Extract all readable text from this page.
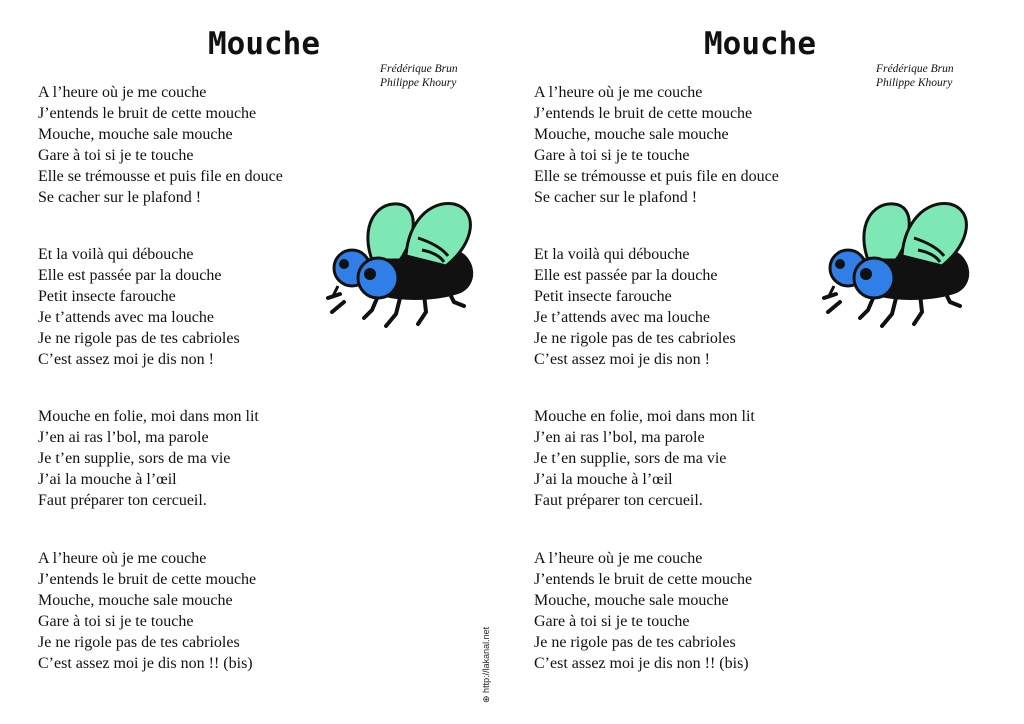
Mouche
Frédérique Brun
Philippe Khoury
A l’heure où je me couche
J’entends le bruit de cette mouche
Mouche, mouche sale mouche
Gare à toi si je te touche
Elle se trémousse et puis file en douce
Se cacher sur le plafond !
Et la voilà qui débouche
Elle est passée par la douche
Petit insecte farouche
Je t’attends avec ma louche
Je ne rigole pas de tes cabrioles
C’est assez moi je dis non !
Mouche en folie, moi dans mon lit
J’en ai ras l’bol, ma parole
Je t’en supplie, sors de ma vie
J’ai la mouche à l’œil
Faut préparer ton cercueil.
A l’heure où je me couche
J’entends le bruit de cette mouche
Mouche, mouche sale mouche
Gare à toi si je te touche
Je ne rigole pas de tes cabrioles
C’est assez moi je dis non !! (bis)
Mouche
Frédérique Brun
Philippe Khoury
A l’heure où je me couche
J’entends le bruit de cette mouche
Mouche, mouche sale mouche
Gare à toi si je te touche
Elle se trémousse et puis file en douce
Se cacher sur le plafond !
Et la voilà qui débouche
Elle est passée par la douche
Petit insecte farouche
Je t’attends avec ma louche
Je ne rigole pas de tes cabrioles
C’est assez moi je dis non !
Mouche en folie, moi dans mon lit
J’en ai ras l’bol, ma parole
Je t’en supplie, sors de ma vie
J’ai la mouche à l’œil
Faut préparer ton cercueil.
A l’heure où je me couche
J’entends le bruit de cette mouche
Mouche, mouche sale mouche
Gare à toi si je te touche
Je ne rigole pas de tes cabrioles
C’est assez moi je dis non !! (bis)
⊕ http://lakanal.net
